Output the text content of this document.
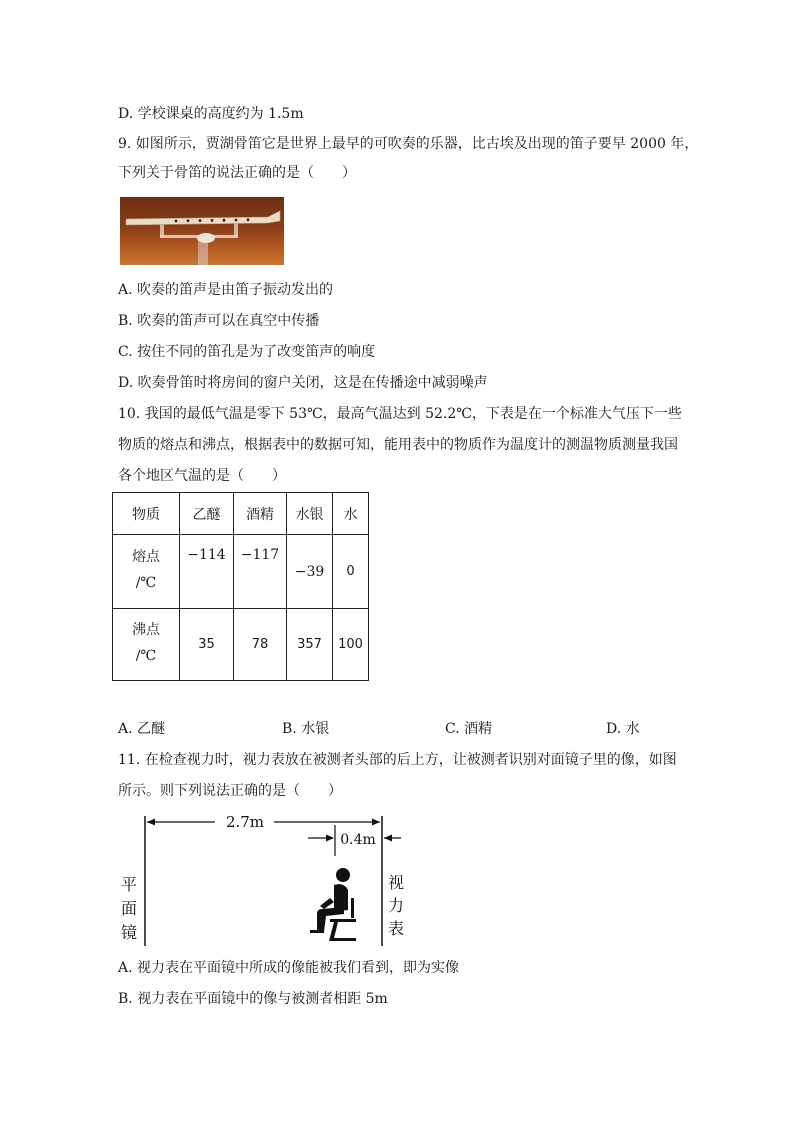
D. 学校课桌的高度约为 1.5m
9. 如图所示，贾湖骨笛它是世界上最早的可吹奏的乐器，比古埃及出现的笛子要早 2000 年，
下列关于骨笛的说法正确的是（　　）
A. 吹奏的笛声是由笛子振动发出的
B. 吹奏的笛声可以在真空中传播
C. 按住不同的笛孔是为了改变笛声的响度
D. 吹奏骨笛时将房间的窗户关闭，这是在传播途中减弱噪声
10. 我国的最低气温是零下 53℃，最高气温达到 52.2℃，下表是在一个标准大气压下一些
物质的熔点和沸点，根据表中的数据可知，能用表中的物质作为温度计的测温物质测量我国
各个地区气温的是（　　）
物质	乙醚	酒精	水银	水

熔点
/℃	−114	−117	−39	0

沸点
/℃	35	78	357	100
A. 乙醚	B. 水银	C. 酒精	D. 水
11. 在检查视力时，视力表放在被测者头部的后上方，让被测者识别对面镜子里的像，如图
所示。则下列说法正确的是（　　）
2.7m
0.4m
平
面
镜
视
力
表
A. 视力表在平面镜中所成的像能被我们看到，即为实像
B. 视力表在平面镜中的像与被测者相距 5m
